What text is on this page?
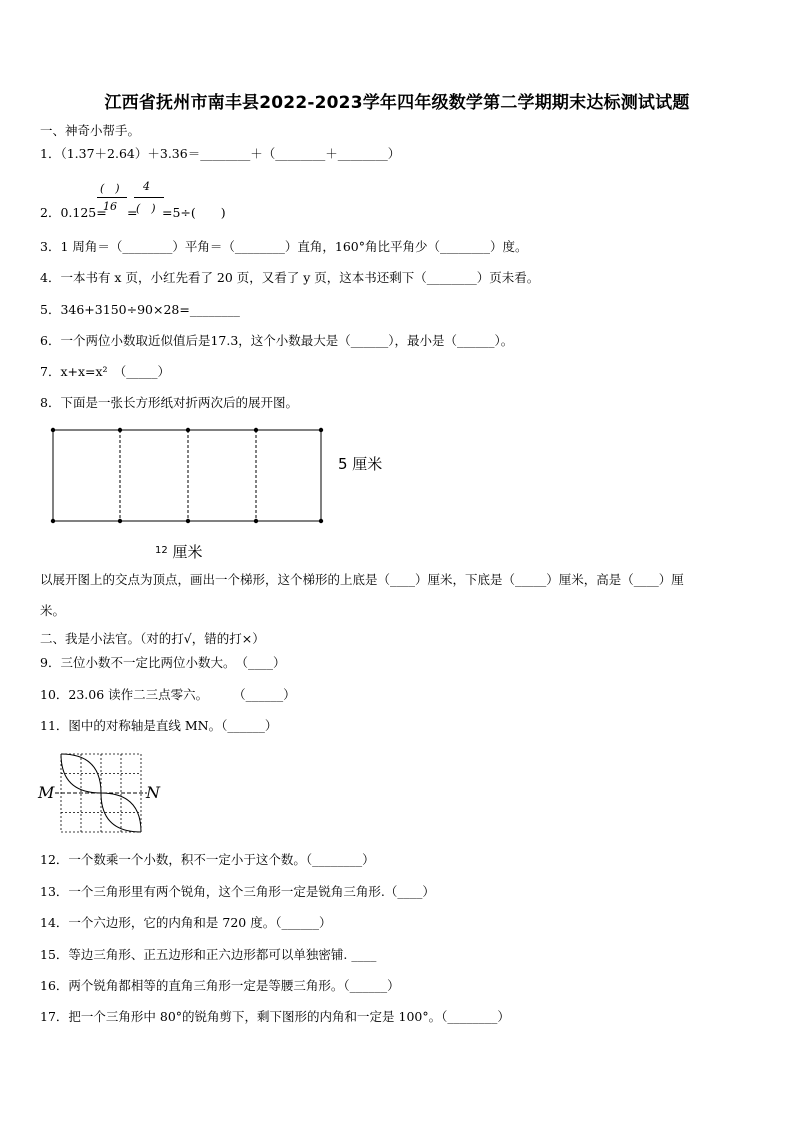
江西省抚州市南丰县2022-2023学年四年级数学第二学期期末达标测试试题
一、神奇小帮手。
1．（1.37＋2.64）＋3.36＝________＋（________＋________）
2．0.125=
(　)
16 =
4
(　) =5÷(　　)
3．1 周角＝（________）平角＝（________）直角，160°角比平角少（________）度。
4．一本书有 x 页，小红先看了 20 页，又看了 y 页，这本书还剩下（________）页未看。
5．346+3150÷90×28=________
6．一个两位小数取近似值后是17.3，这个小数最大是（______），最小是（______）。
7．x+x=x²　（_____）
8．下面是一张长方形纸对折两次后的展开图。
5 厘米
$^{12}$ 厘米
以展开图上的交点为顶点，画出一个梯形，这个梯形的上底是（____）厘米，下底是（_____）厘米，高是（____）厘
米。
二、我是小法官。（对的打√，错的打×）
9．三位小数不一定比两位小数大。　（____）
10．23.06 读作二三点零六。　　　（______）
11．图中的对称轴是直线 MN。（______）
M	N
12．一个数乘一个小数，积不一定小于这个数。（________）
13．一个三角形里有两个锐角，这个三角形一定是锐角三角形.（____）
14．一个六边形，它的内角和是 720 度。（______）
15．等边三角形、正五边形和正六边形都可以单独密铺. ____
16．两个锐角都相等的直角三角形一定是等腰三角形。（______）
17．把一个三角形中 80°的锐角剪下，剩下图形的内角和一定是 100°。（________）
